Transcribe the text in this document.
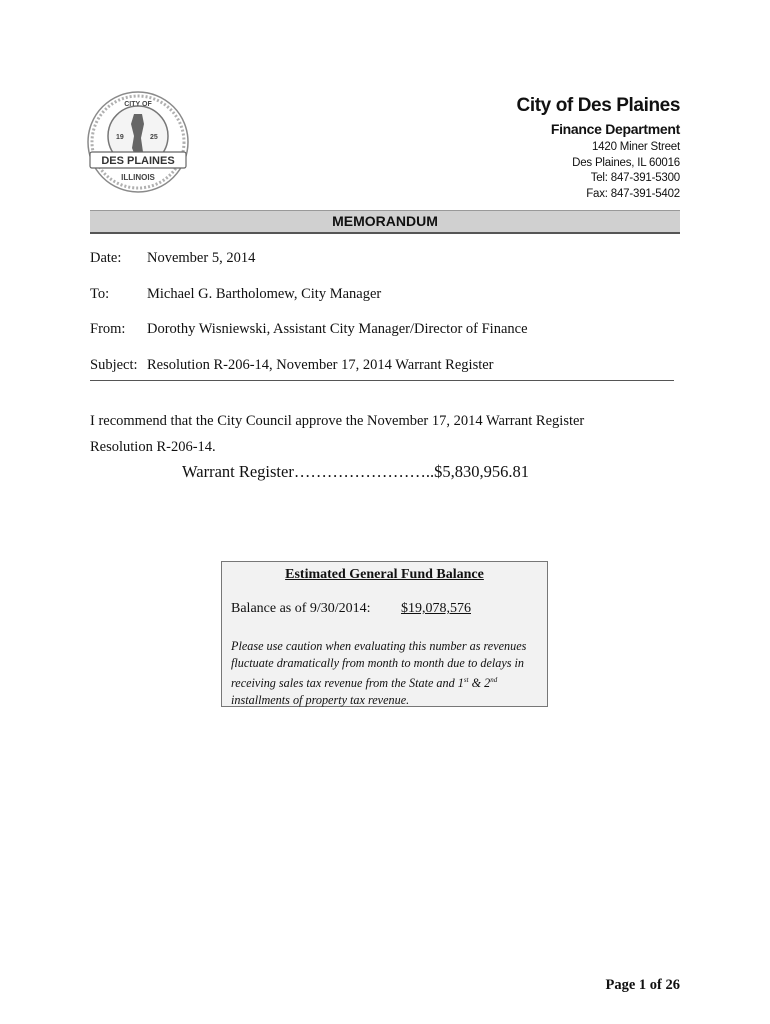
CITY OF
19	25
DES PLAINES
ILLINOIS
City of Des Plaines
Finance Department
1420 Miner Street
Des Plaines, IL 60016
Tel: 847-391-5300
Fax: 847-391-5402
MEMORANDUM
Date: November 5, 2014
To:	Michael G. Bartholomew, City Manager
From: Dorothy Wisniewski, Assistant City Manager/Director of Finance
Subject: Resolution R-206-14, November 17, 2014 Warrant Register
I recommend that the City Council approve the November 17, 2014 Warrant Register
Resolution R-206-14.
Warrant Register……………………..$5,830,956.81
Estimated General Fund Balance
Balance as of 9/30/2014: $19,078,576
Please use caution when evaluating this number as revenues fluctuate dramatically from month to month due to delays in receiving sales tax revenue from the State and 1st & 2nd installments of property tax revenue.
Page 1 of 26
